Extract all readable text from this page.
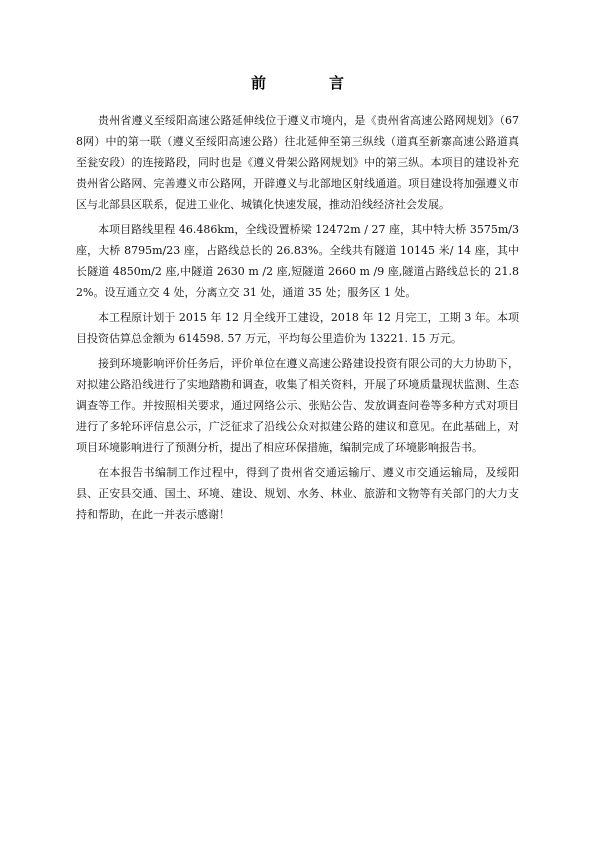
前　言

贵州省遵义至绥阳高速公路延伸线位于遵义市境内，是《贵州省高速公路网规划》（678网）中的第一联（遵义至绥阳高速公路）往北延伸至第三纵线（道真至新寨高速公路道真至瓮安段）的连接路段，同时也是《遵义骨架公路网规划》中的第三纵。本项目的建设补充贵州省公路网、完善遵义市公路网，开辟遵义与北部地区射线通道。项目建设将加强遵义市区与北部县区联系，促进工业化、城镇化快速发展，推动沿线经济社会发展。

本项目路线里程 46.486km，全线设置桥梁 12472m / 27 座，其中特大桥 3575m/3座，大桥 8795m/23 座，占路线总长的 26.83%。全线共有隧道 10145 米/ 14 座，其中长隧道 4850m/2 座,中隧道 2630 m /2 座,短隧道 2660 m /9 座,隧道占路线总长的 21.82%。设互通立交 4 处，分离立交 31 处，通道 35 处；服务区 1 处。

本工程原计划于 2015 年 12 月全线开工建设，2018 年 12 月完工，工期 3 年。本项目投资估算总金额为 614598. 57 万元，平均每公里造价为 13221. 15 万元。

接到环境影响评价任务后，评价单位在遵义高速公路建设投资有限公司的大力协助下，对拟建公路沿线进行了实地踏勘和调查，收集了相关资料，开展了环境质量现状监测、生态调查等工作。并按照相关要求，通过网络公示、张贴公告、发放调查问卷等多种方式对项目进行了多轮环评信息公示，广泛征求了沿线公众对拟建公路的建议和意见。在此基础上，对项目环境影响进行了预测分析，提出了相应环保措施，编制完成了环境影响报告书。

在本报告书编制工作过程中，得到了贵州省交通运输厅、遵义市交通运输局，及绥阳县、正安县交通、国土、环境、建设、规划、水务、林业、旅游和文物等有关部门的大力支持和帮助，在此一并表示感谢！
